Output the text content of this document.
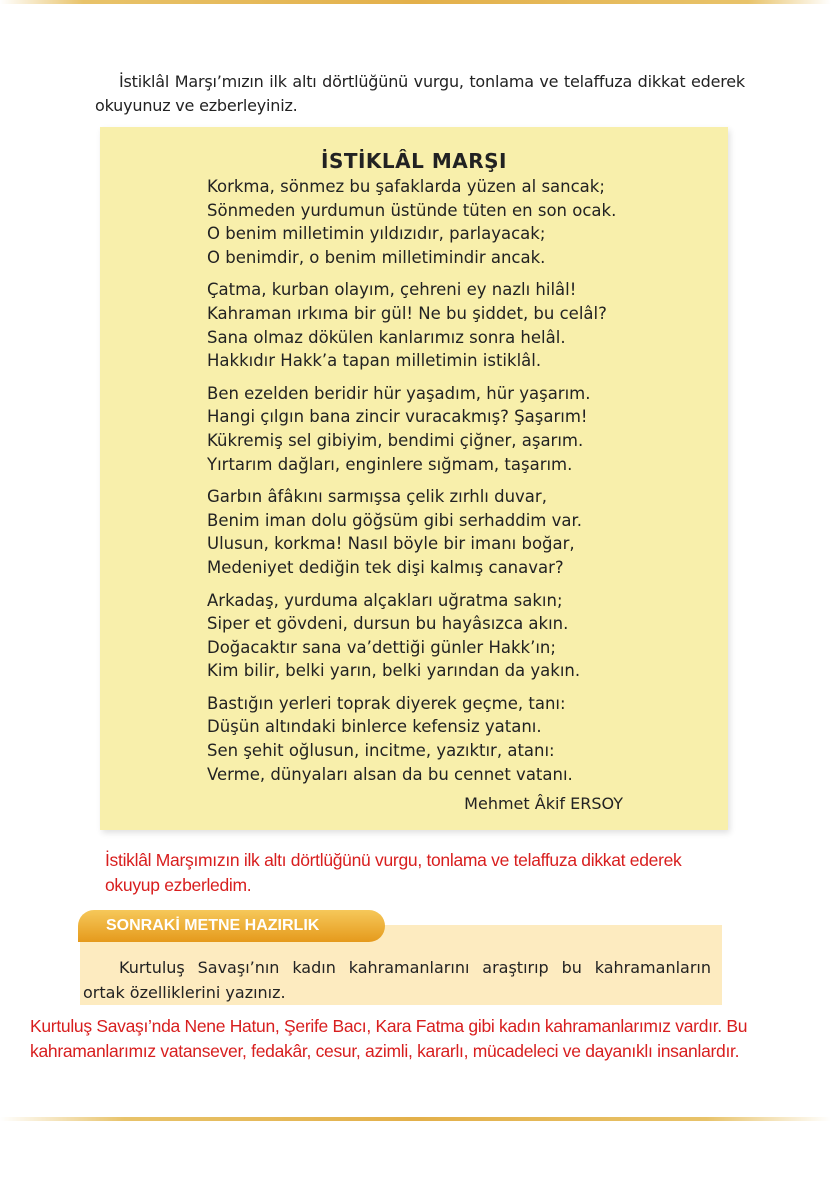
İstiklâl Marşı’mızın ilk altı dörtlüğünü vurgu, tonlama ve telaffuza dikkat ederek okuyunuz ve ezberleyiniz.
İSTİKLÂL MARŞI
Korkma, sönmez bu şafaklarda yüzen al sancak;
Sönmeden yurdumun üstünde tüten en son ocak.
O benim milletimin yıldızıdır, parlayacak;
O benimdir, o benim milletimindir ancak.
Çatma, kurban olayım, çehreni ey nazlı hilâl!
Kahraman ırkıma bir gül! Ne bu şiddet, bu celâl?
Sana olmaz dökülen kanlarımız sonra helâl.
Hakkıdır Hakk’a tapan milletimin istiklâl.
Ben ezelden beridir hür yaşadım, hür yaşarım.
Hangi çılgın bana zincir vuracakmış? Şaşarım!
Kükremiş sel gibiyim, bendimi çiğner, aşarım.
Yırtarım dağları, enginlere sığmam, taşarım.
Garbın âfâkını sarmışsa çelik zırhlı duvar,
Benim iman dolu göğsüm gibi serhaddim var.
Ulusun, korkma! Nasıl böyle bir imanı boğar,
Medeniyet dediğin tek dişi kalmış canavar?
Arkadaş, yurduma alçakları uğratma sakın;
Siper et gövdeni, dursun bu hayâsızca akın.
Doğacaktır sana va’dettiği günler Hakk’ın;
Kim bilir, belki yarın, belki yarından da yakın.
Bastığın yerleri toprak diyerek geçme, tanı:
Düşün altındaki binlerce kefensiz yatanı.
Sen şehit oğlusun, incitme, yazıktır, atanı:
Verme, dünyaları alsan da bu cennet vatanı.
Mehmet Âkif ERSOY
İstiklâl Marşımızın ilk altı dörtlüğünü vurgu, tonlama ve telaffuza dikkat ederek okuyup ezberledim.
SONRAKİ METNE HAZIRLIK
Kurtuluş Savaşı’nın kadın kahramanlarını araştırıp bu kahramanların ortak özelliklerini yazınız.
Kurtuluş Savaşı’nda Nene Hatun, Şerife Bacı, Kara Fatma gibi kadın kahramanlarımız vardır. Bu kahramanlarımız vatansever, fedakâr, cesur, azimli, kararlı, mücadeleci ve dayanıklı insanlardır.
